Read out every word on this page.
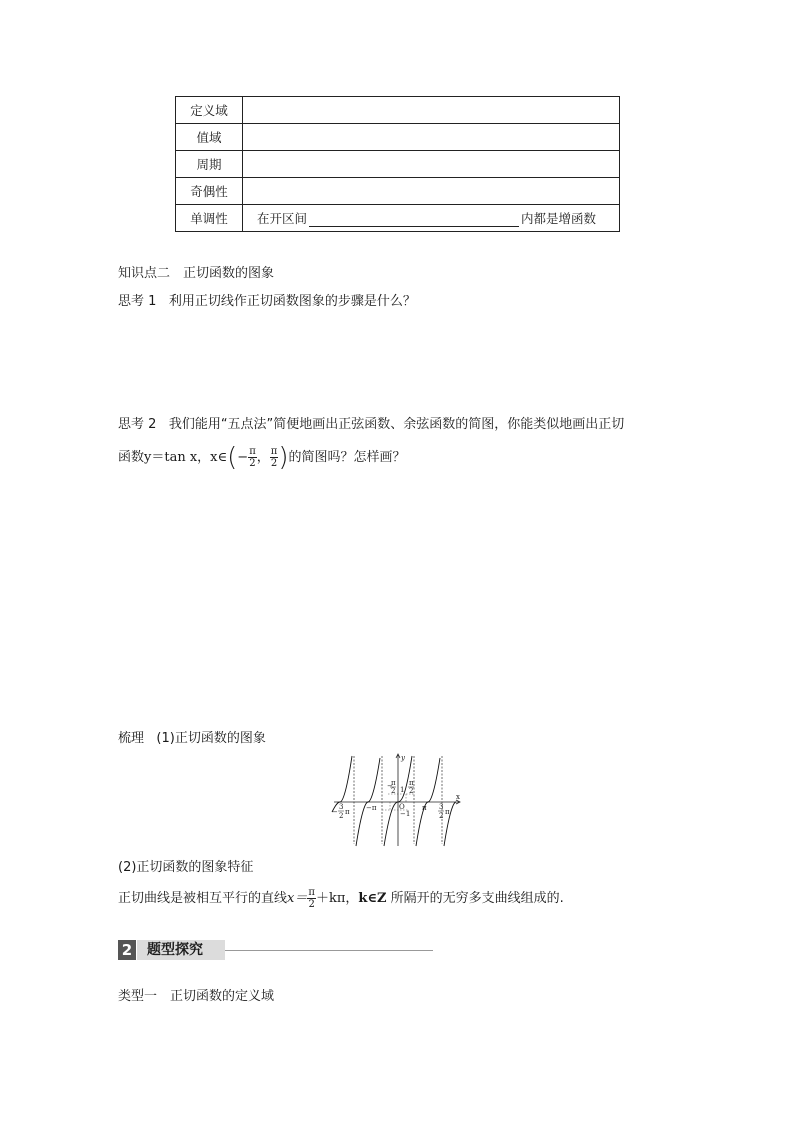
定义域	
值域	
周期	
奇偶性	
单调性	在开区间 内都是增函数
知识点二　正切函数的图象
思考 1 利用正切线作正切函数图象的步骤是什么？
思考 2 我们能用“五点法”简便地画出正弦函数、余弦函数的简图，你能类似地画出正切
函数y＝tan x，x∈(− $\frac{\pi}{2}$ ， $\frac{\pi}{2}$ )的简图吗？怎样画？
梳理 (1)正切函数的图象
y
x
O
1
−1
−
π
2
π
2
−π	π
−
3
2 π
3
2 π
(2)正切函数的图象特征
正切曲线是被相互平行的直线$x= \frac{\pi}{2} +k\pi$，k∈Z 所隔开的无穷多支曲线组成的.
2	题型探究
类型一　正切函数的定义域
